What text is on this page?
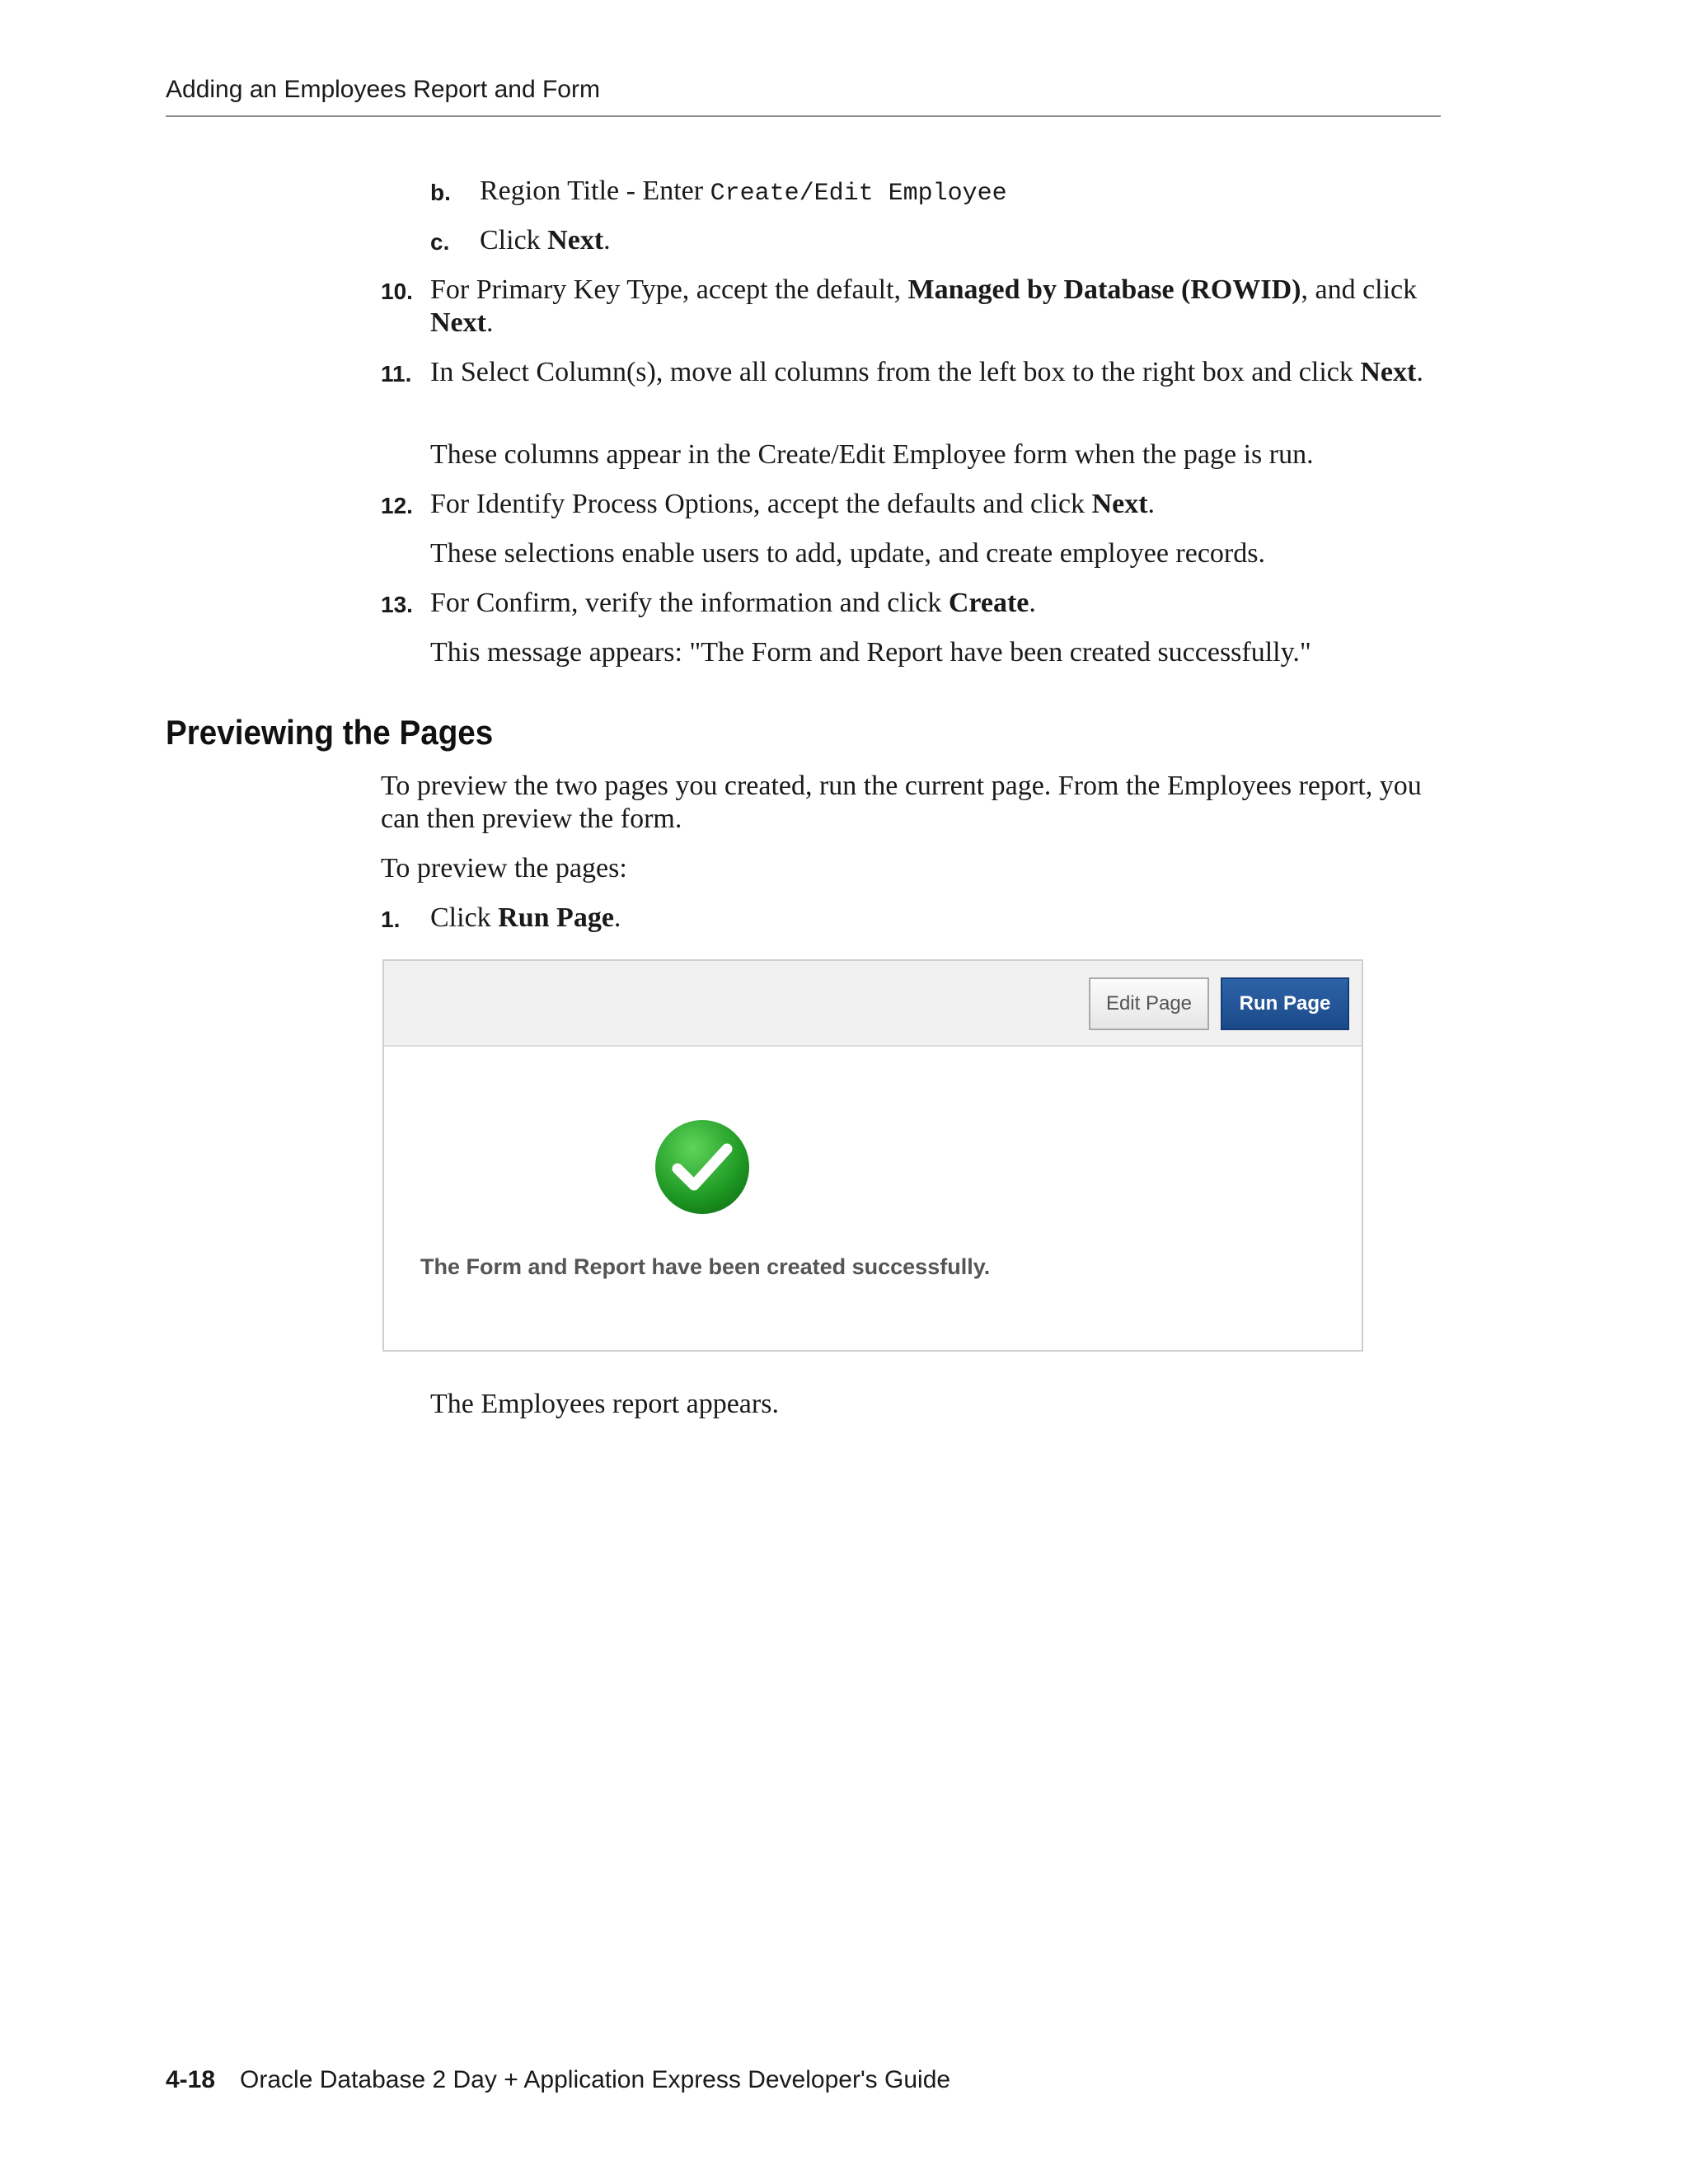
Adding an Employees Report and Form
b.	Region Title - Enter Create/Edit Employee
c.	Click Next.
10. For Primary Key Type, accept the default, Managed by Database (ROWID), and click Next.
11. In Select Column(s), move all columns from the left box to the right box and click Next.
These columns appear in the Create/Edit Employee form when the page is run.
12. For Identify Process Options, accept the defaults and click Next.
These selections enable users to add, update, and create employee records.
13. For Confirm, verify the information and click Create.
This message appears: "The Form and Report have been created successfully."
Previewing the Pages
To preview the two pages you created, run the current page. From the Employees report, you can then preview the form.
To preview the pages:
1. Click Run Page.
Edit Page	Run Page
The Form and Report have been created successfully.
The Employees report appears.
4-18 Oracle Database 2 Day + Application Express Developer's Guide
